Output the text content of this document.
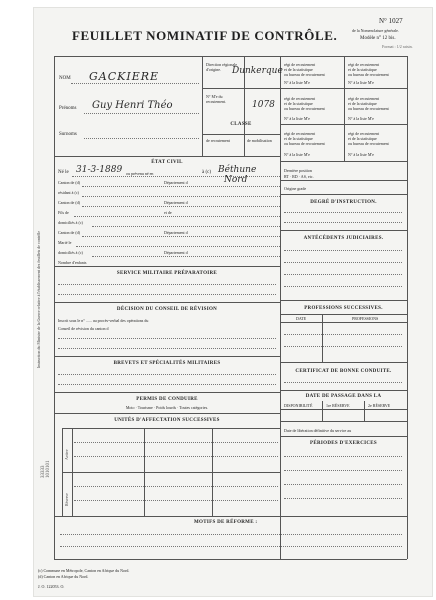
FEUILLET NOMINATIF DE CONTRÔLE.
N° 1027
de la Nomenclature générale.
Modèle n° 12 bis.
Format : 1/2 raisin.
NOM GACKIERE
Prénoms Guy Henri Théo
Surnoms
Direction régionale d'origine.	Dunkerque
N° M'e du recrutement.	1078
CLASSE
de recrutement	de mobilisation
régt de recrutement
et de la statistique
ou bureau de recrutement
N° à la liste M'e
régt de recrutement
et de la statistique
ou bureau de recrutement
N° à la liste M'e
régt de recrutement
et de la statistique
ou bureau de recrutement
N° à la liste M'e
régt de recrutement
et de la statistique
ou bureau de recrutement
N° à la liste M'e
régt de recrutement
et de la statistique
ou bureau de recrutement
N° à la liste M'e
régt de recrutement
et de la statistique
ou bureau de recrutement
N° à la liste M'e
ÉTAT CIVIL
Né le 31-3-1889 ou prévenu né en	à (c) Béthune
Canton de (d)	Département d	Nord
résidant à (c)
Canton de (d)	Département d
Fils de	et de
domiciliés à (c)
Canton de (d)	Département d
Marié le
domiciliés à (c)	Département d
Nombre d'enfants
Dernière position
RT · RD · AS, etc.
Origine grade
DEGRÉ D'INSTRUCTION.
ANTÉCÉDENTS JUDICIAIRES.
SERVICE MILITAIRE PRÉPARATOIRE
DÉCISION DU CONSEIL DE RÉVISION
Inscrit sous le n° ...... au procès-verbal des opérations du
Conseil de révision du canton d
BREVETS ET SPÉCIALITÉS MILITAIRES
PERMIS DE CONDUIRE
Moto · Tourisme · Poids lourds · Toutes catégories.
UNITÉS D'AFFECTATION SUCCESSIVES
Active
Réserve
PROFESSIONS SUCCESSIVES.
DATE	PROFESSIONS
CERTIFICAT DE BONNE CONDUITE.
DATE DE PASSAGE DANS LA
DISPONIBILITÉ	1re RÉSERVE	2e RÉSERVE
Date de libération définitive du service au
PÉRIODES D'EXERCICES
MOTIFS DE RÉFORME :
(c) Commune en Métropole, Canton en Afrique du Nord.
(d) Canton en Afrique du Nord.
J. O. 122053. O.
Instruction du Ministre de la Guerre relative à l'établissement des feuillets de contrôle
33333 1010101
